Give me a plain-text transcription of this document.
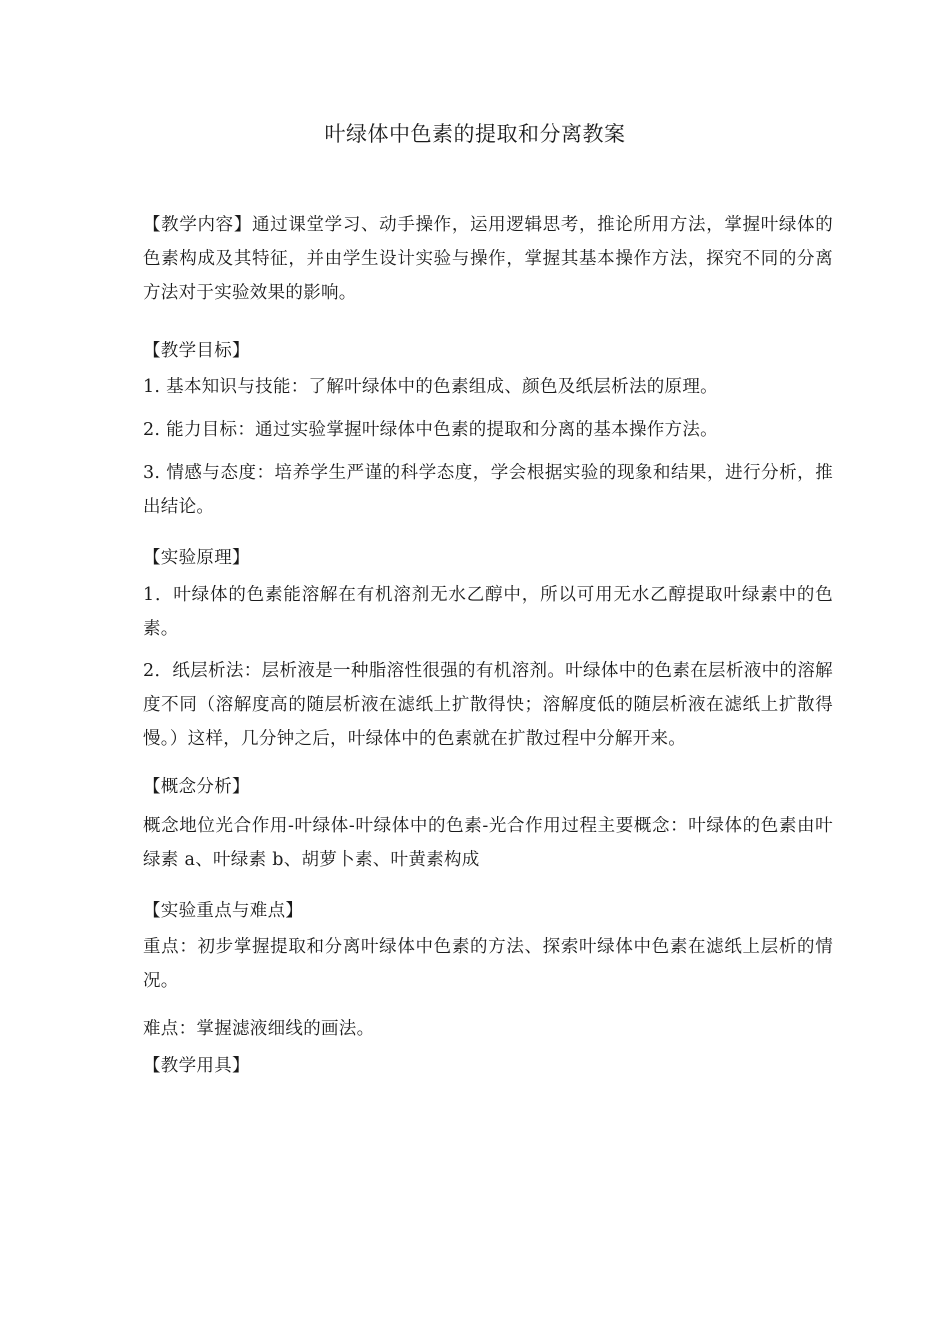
叶绿体中色素的提取和分离教案

【教学内容】通过课堂学习、动手操作，运用逻辑思考，推论所用方法，掌握叶绿体的色素构成及其特征，并由学生设计实验与操作，掌握其基本操作方法，探究不同的分离方法对于实验效果的影响。

【教学目标】

1. 基本知识与技能：了解叶绿体中的色素组成、颜色及纸层析法的原理。

2. 能力目标：通过实验掌握叶绿体中色素的提取和分离的基本操作方法。

3. 情感与态度：培养学生严谨的科学态度，学会根据实验的现象和结果，进行分析，推出结论。

【实验原理】

1．叶绿体的色素能溶解在有机溶剂无水乙醇中，所以可用无水乙醇提取叶绿素中的色素。

2．纸层析法：层析液是一种脂溶性很强的有机溶剂。叶绿体中的色素在层析液中的溶解度不同（溶解度高的随层析液在滤纸上扩散得快；溶解度低的随层析液在滤纸上扩散得慢。）这样，几分钟之后，叶绿体中的色素就在扩散过程中分解开来。

【概念分析】

概念地位光合作用-叶绿体-叶绿体中的色素-光合作用过程主要概念：叶绿体的色素由叶绿素 a、叶绿素 b、胡萝卜素、叶黄素构成

【实验重点与难点】

重点：初步掌握提取和分离叶绿体中色素的方法、探索叶绿体中色素在滤纸上层析的情况。

难点：掌握滤液细线的画法。

【教学用具】
